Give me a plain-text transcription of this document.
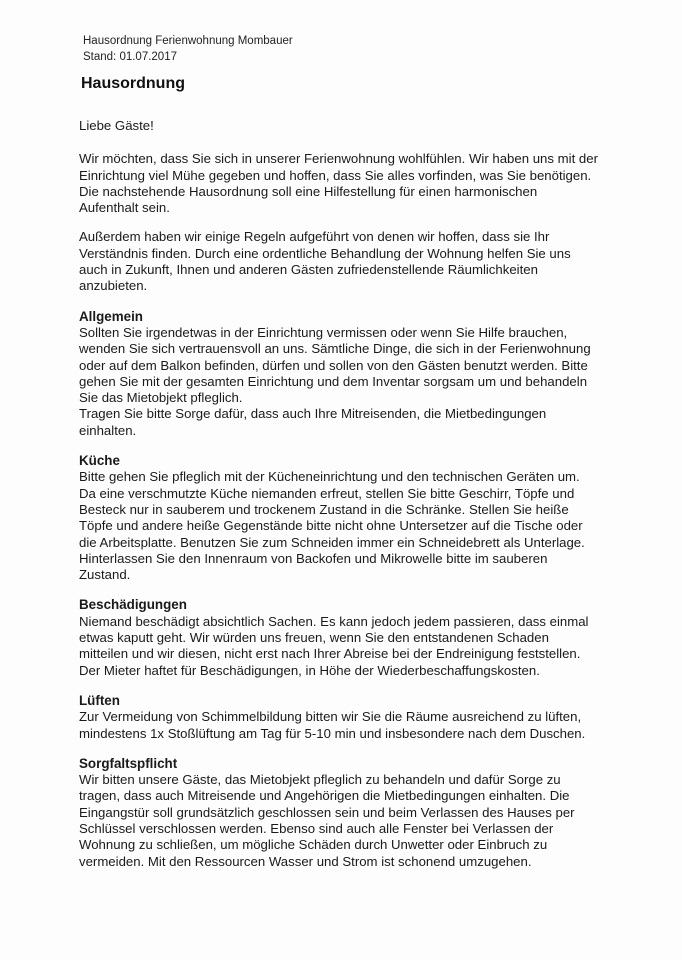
Hausordnung Ferienwohnung Mombauer
Stand: 01.07.2017
Hausordnung

Liebe Gäste!

Wir möchten, dass Sie sich in unserer Ferienwohnung wohlfühlen. Wir haben uns mit der Einrichtung viel Mühe gegeben und hoffen, dass Sie alles vorfinden, was Sie benötigen. Die nachstehende Hausordnung soll eine Hilfestellung für einen harmonischen Aufenthalt sein.

Außerdem haben wir einige Regeln aufgeführt von denen wir hoffen, dass sie Ihr Verständnis finden. Durch eine ordentliche Behandlung der Wohnung helfen Sie uns auch in Zukunft, Ihnen und anderen Gästen zufriedenstellende Räumlichkeiten anzubieten.

Allgemein

Sollten Sie irgendetwas in der Einrichtung vermissen oder wenn Sie Hilfe brauchen, wenden Sie sich vertrauensvoll an uns. Sämtliche Dinge, die sich in der Ferienwohnung oder auf dem Balkon befinden, dürfen und sollen von den Gästen benutzt werden. Bitte gehen Sie mit der gesamten Einrichtung und dem Inventar sorgsam um und behandeln Sie das Mietobjekt pfleglich.

Tragen Sie bitte Sorge dafür, dass auch Ihre Mitreisenden, die Mietbedingungen einhalten.

Küche

Bitte gehen Sie pfleglich mit der Kücheneinrichtung und den technischen Geräten um. Da eine verschmutzte Küche niemanden erfreut, stellen Sie bitte Geschirr, Töpfe und Besteck nur in sauberem und trockenem Zustand in die Schränke. Stellen Sie heiße Töpfe und andere heiße Gegenstände bitte nicht ohne Untersetzer auf die Tische oder die Arbeitsplatte. Benutzen Sie zum Schneiden immer ein Schneidebrett als Unterlage. Hinterlassen Sie den Innenraum von Backofen und Mikrowelle bitte im sauberen Zustand.

Beschädigungen

Niemand beschädigt absichtlich Sachen. Es kann jedoch jedem passieren, dass einmal etwas kaputt geht. Wir würden uns freuen, wenn Sie den entstandenen Schaden mitteilen und wir diesen, nicht erst nach Ihrer Abreise bei der Endreinigung feststellen.

Der Mieter haftet für Beschädigungen, in Höhe der Wiederbeschaffungskosten.

Lüften

Zur Vermeidung von Schimmelbildung bitten wir Sie die Räume ausreichend zu lüften, mindestens 1x Stoßlüftung am Tag für 5-10 min und insbesondere nach dem Duschen.

Sorgfaltspflicht

Wir bitten unsere Gäste, das Mietobjekt pfleglich zu behandeln und dafür Sorge zu tragen, dass auch Mitreisende und Angehörigen die Mietbedingungen einhalten. Die Eingangstür soll grundsätzlich geschlossen sein und beim Verlassen des Hauses per Schlüssel verschlossen werden. Ebenso sind auch alle Fenster bei Verlassen der Wohnung zu schließen, um mögliche Schäden durch Unwetter oder Einbruch zu vermeiden. Mit den Ressourcen Wasser und Strom ist schonend umzugehen.
